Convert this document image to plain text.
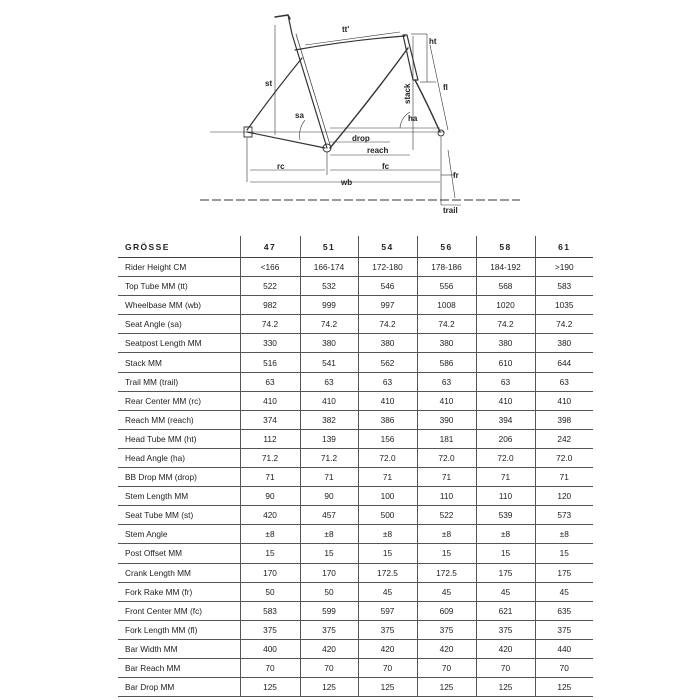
tt'
ht
st	fl
stack
sa	ha
drop
reach
rc	fc
fr
wb
trail
GRÖSSE	47	51	54	56	58	61
Rider Height CM	<166	166-174	172-180	178-186	184-192	>190
Top Tube MM (tt)	522	532	546	556	568	583
Wheelbase MM (wb)	982	999	997	1008	1020	1035
Seat Angle (sa)	74.2	74.2	74.2	74.2	74.2	74.2
Seatpost Length MM	330	380	380	380	380	380
Stack MM	516	541	562	586	610	644
Trail MM (trail)	63	63	63	63	63	63
Rear Center MM (rc)	410	410	410	410	410	410
Reach MM (reach)	374	382	386	390	394	398
Head Tube MM (ht)	112	139	156	181	206	242
Head Angle (ha)	71.2	71.2	72.0	72.0	72.0	72.0
BB Drop MM (drop)	71	71	71	71	71	71
Stem Length MM	90	90	100	110	110	120
Seat Tube MM (st)	420	457	500	522	539	573
Stem Angle	±8	±8	±8	±8	±8	±8
Post Offset MM	15	15	15	15	15	15
Crank Length MM	170	170	172.5	172.5	175	175
Fork Rake MM (fr)	50	50	45	45	45	45
Front Center MM (fc)	583	599	597	609	621	635
Fork Length MM (fl)	375	375	375	375	375	375
Bar Width MM	400	420	420	420	420	440
Bar Reach MM	70	70	70	70	70	70
Bar Drop MM	125	125	125	125	125	125
